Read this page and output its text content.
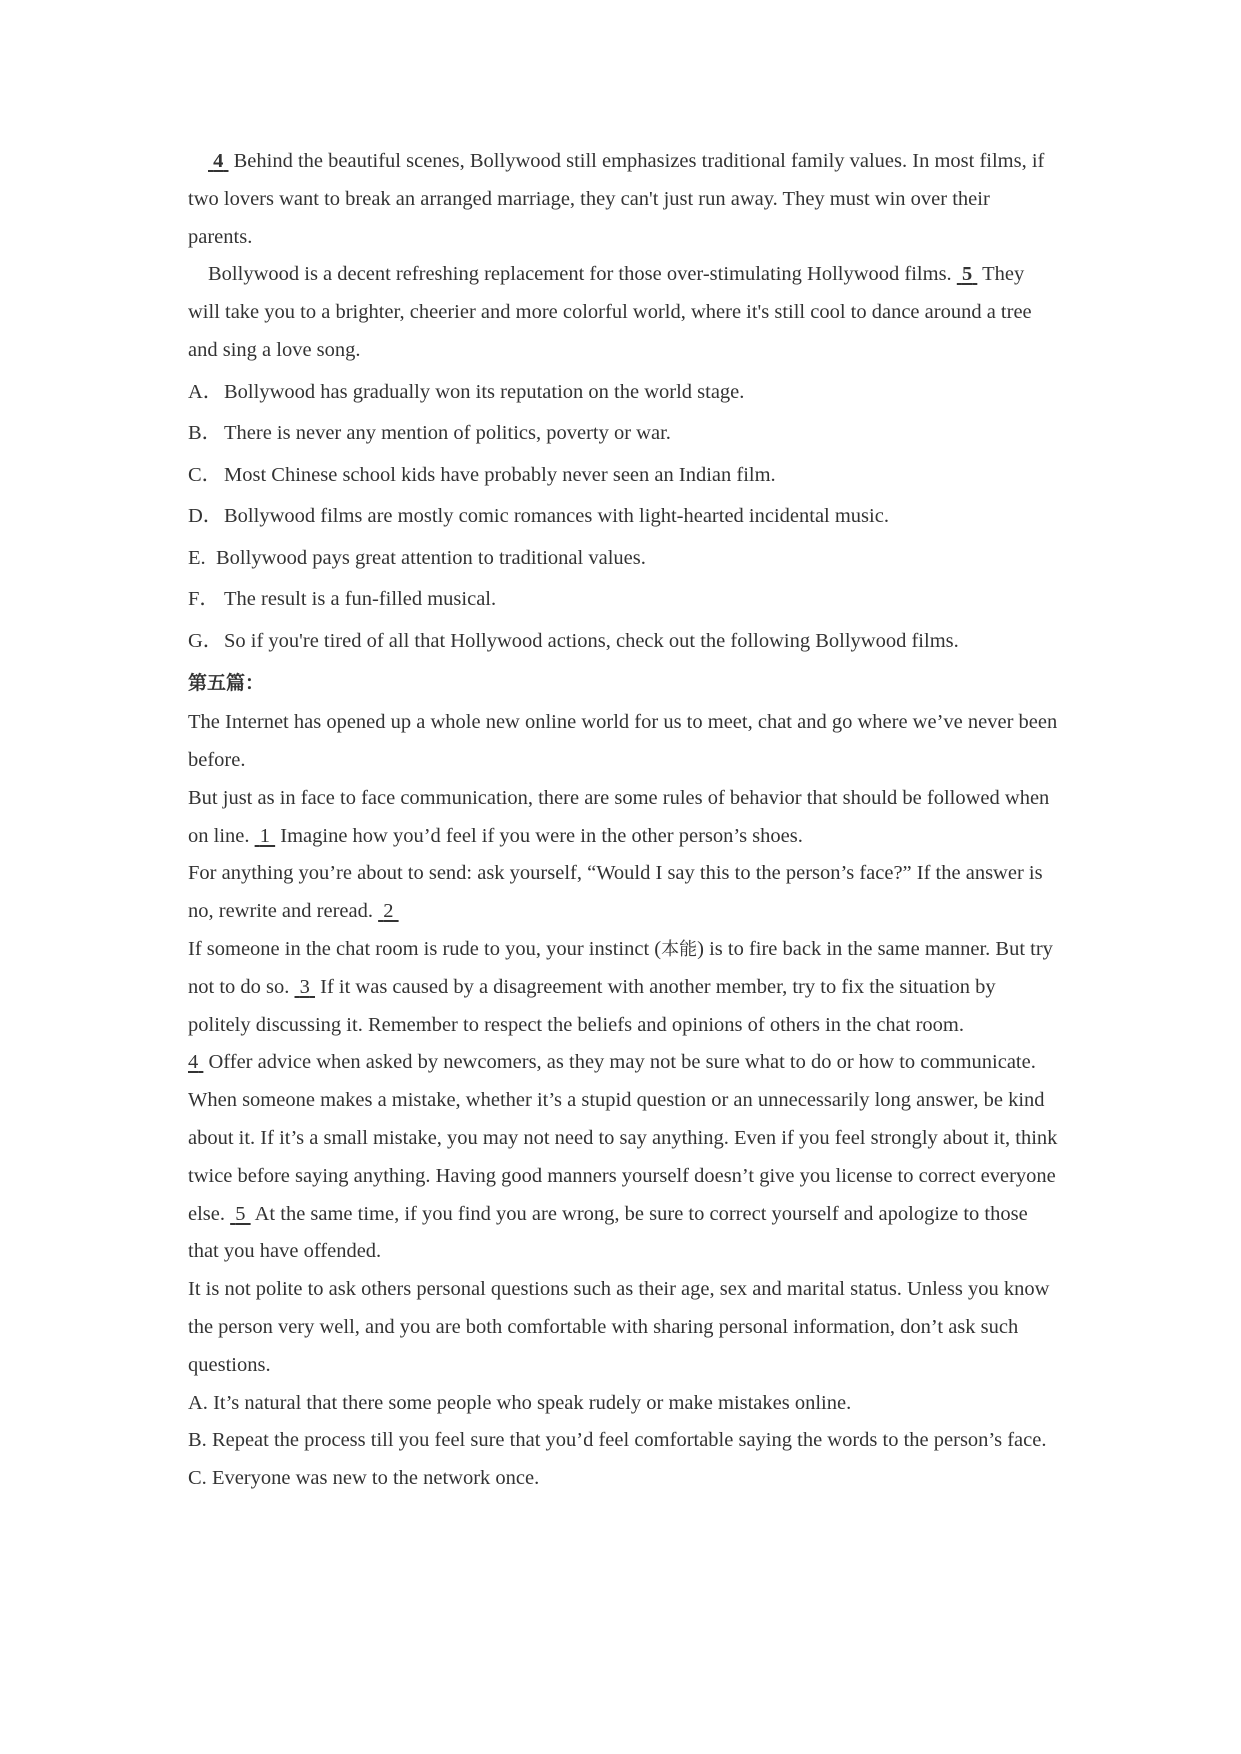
4  Behind the beautiful scenes, Bollywood still emphasizes traditional family values. In most films, if two lovers want to break an arranged marriage, they can't just run away. They must win over their parents.

Bollywood is a decent refreshing replacement for those over-stimulating Hollywood films.  5  They will take you to a brighter, cheerier and more colorful world, where it's still cool to dance around a tree and sing a love song.

A．Bollywood has gradually won its reputation on the world stage.

B．There is never any mention of politics, poverty or war.

C．Most Chinese school kids have probably never seen an Indian film.

D．Bollywood films are mostly comic romances with light-hearted incidental music.

E. Bollywood pays great attention to traditional values.

F． The result is a fun-filled musical.

G．So if you're tired of all that Hollywood actions, check out the following Bollywood films.

第五篇：

The Internet has opened up a whole new online world for us to meet, chat and go where we’ve never been before.

But just as in face to face communication, there are some rules of behavior that should be followed when on line.  1  Imagine how you’d feel if you were in the other person’s shoes.

For anything you’re about to send: ask yourself, “Would I say this to the person’s face?” If the answer is no, rewrite and reread.  2

If someone in the chat room is rude to you, your instinct (本能) is to fire back in the same manner. But try not to do so.  3  If it was caused by a disagreement with another member, try to fix the situation by politely discussing it. Remember to respect the beliefs and opinions of others in the chat room.

4  Offer advice when asked by newcomers, as they may not be sure what to do or how to communicate. When someone makes a mistake, whether it’s a stupid question or an unnecessarily long answer, be kind about it. If it’s a small mistake, you may not need to say anything. Even if you feel strongly about it, think twice before saying anything. Having good manners yourself doesn’t give you license to correct everyone else.  5  At the same time, if you find you are wrong, be sure to correct yourself and apologize to those that you have offended.

It is not polite to ask others personal questions such as their age, sex and marital status. Unless you know the person very well, and you are both comfortable with sharing personal information, don’t ask such questions.

A. It’s natural that there some people who speak rudely or make mistakes online.

B. Repeat the process till you feel sure that you’d feel comfortable saying the words to the person’s face.

C. Everyone was new to the network once.
